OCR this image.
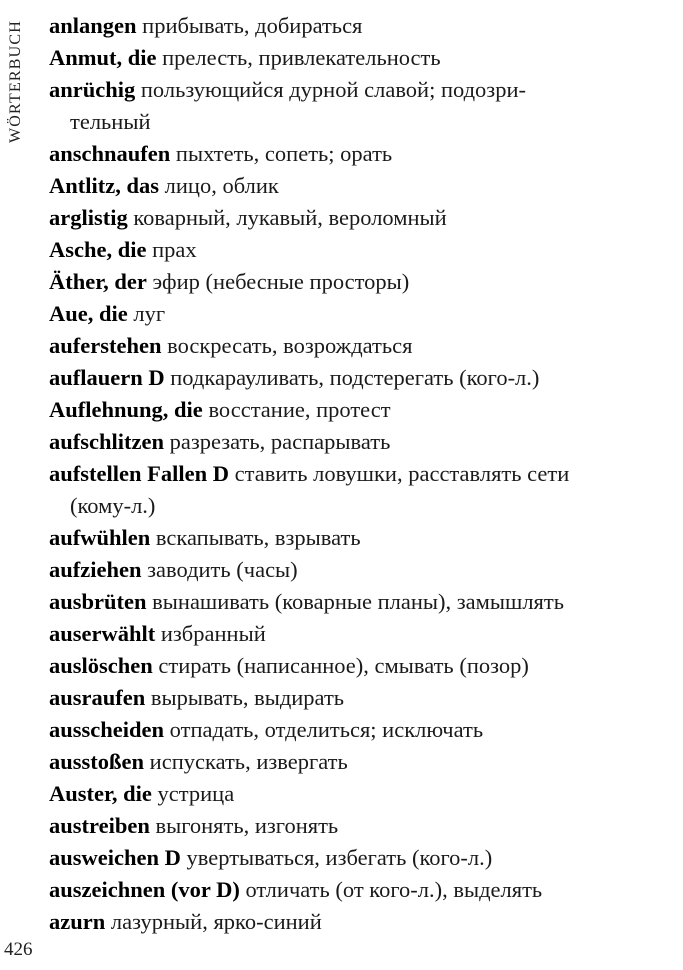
WÖRTERBUCH anlangen прибывать, добираться
Anmut, die прелесть, привлекательность
anrüchig пользующийся дурной славой; подозри-
тельный
anschnaufen пыхтеть, сопеть; орать
Antlitz, das лицо, облик
arglistig коварный, лукавый, вероломный
Asche, die прах
Äther, der эфир (небесные просторы)
Aue, die луг
auferstehen воскресать, возрождаться
auflauern D подкарауливать, подстерегать (кого-л.)
Auflehnung, die восстание, протест
aufschlitzen разрезать, распарывать
aufstellen Fallen D ставить ловушки, расставлять сети
(кому-л.)
aufwühlen вскапывать, взрывать
aufziehen заводить (часы)
ausbrüten вынашивать (коварные планы), замышлять
auserwählt избранный
auslöschen стирать (написанное), смывать (позор)
ausraufen вырывать, выдирать
ausscheiden отпадать, отделиться; исключать
ausstoßen испускать, извергать
Auster, die устрица
austreiben выгонять, изгонять
ausweichen D увертываться, избегать (кого-л.)
auszeichnen (vor D) отличать (от кого-л.), выделять
azurn лазурный, ярко-синий
426
